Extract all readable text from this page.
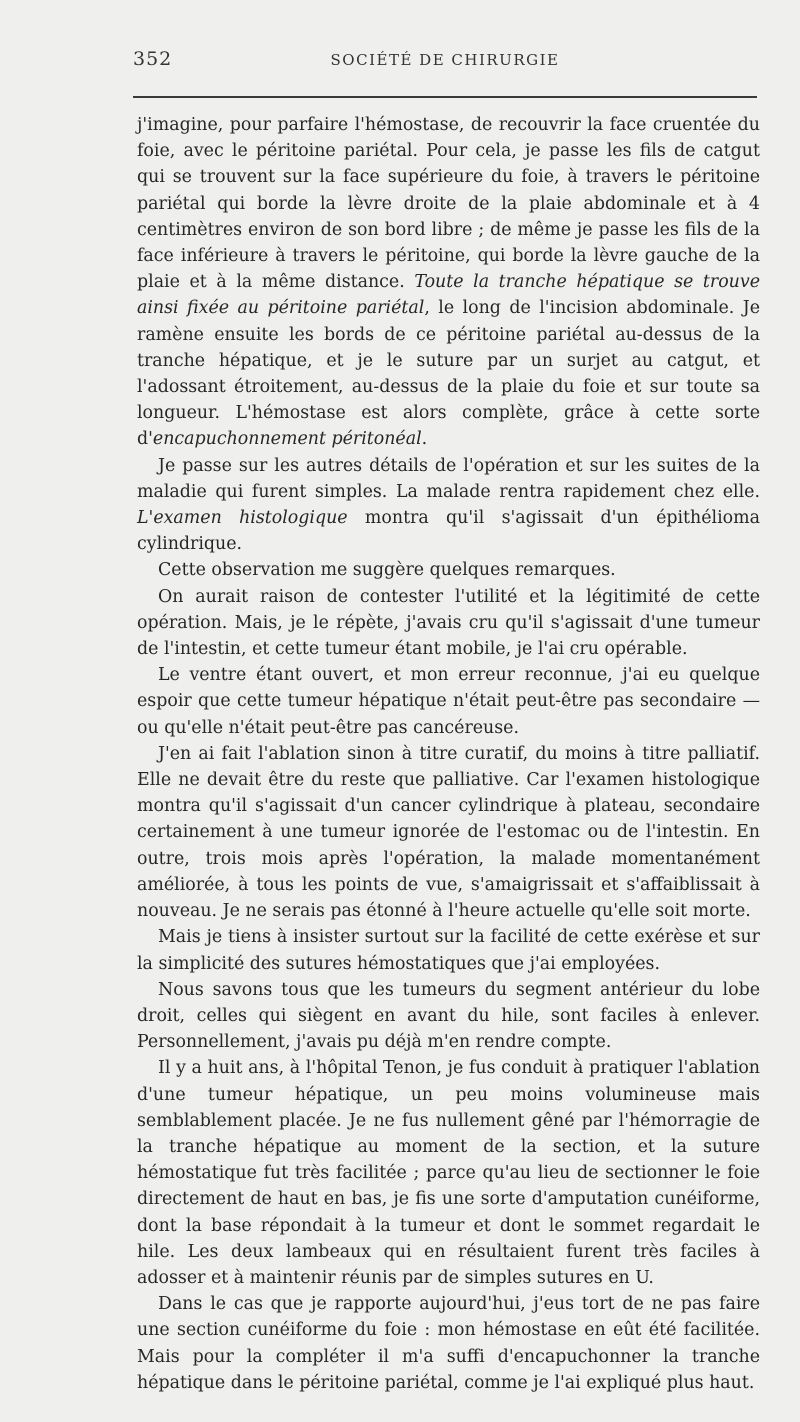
352	SOCIÉTÉ DE CHIRURGIE

j'imagine, pour parfaire l'hémostase, de recouvrir la face cruentée du foie, avec le péritoine pariétal. Pour cela, je passe les fils de catgut qui se trouvent sur la face supérieure du foie, à travers le péritoine pariétal qui borde la lèvre droite de la plaie abdominale et à 4 centimètres environ de son bord libre ; de même je passe les fils de la face inférieure à travers le péritoine, qui borde la lèvre gauche de la plaie et à la même distance. Toute la tranche hépatique se trouve ainsi fixée au péritoine pariétal, le long de l'incision abdominale. Je ramène ensuite les bords de ce péritoine pariétal au-dessus de la tranche hépatique, et je le suture par un surjet au catgut, et l'adossant étroitement, au-dessus de la plaie du foie et sur toute sa longueur. L'hémostase est alors complète, grâce à cette sorte d'encapuchonnement péritonéal.

Je passe sur les autres détails de l'opération et sur les suites de la maladie qui furent simples. La malade rentra rapidement chez elle. L'examen histologique montra qu'il s'agissait d'un épithélioma cylindrique.

Cette observation me suggère quelques remarques.

On aurait raison de contester l'utilité et la légitimité de cette opération. Mais, je le répète, j'avais cru qu'il s'agissait d'une tumeur de l'intestin, et cette tumeur étant mobile, je l'ai cru opérable.

Le ventre étant ouvert, et mon erreur reconnue, j'ai eu quelque espoir que cette tumeur hépatique n'était peut-être pas secondaire — ou qu'elle n'était peut-être pas cancéreuse.

J'en ai fait l'ablation sinon à titre curatif, du moins à titre palliatif. Elle ne devait être du reste que palliative. Car l'examen histologique montra qu'il s'agissait d'un cancer cylindrique à plateau, secondaire certainement à une tumeur ignorée de l'estomac ou de l'intestin. En outre, trois mois après l'opération, la malade momentanément améliorée, à tous les points de vue, s'amaigrissait et s'affaiblissait à nouveau. Je ne serais pas étonné à l'heure actuelle qu'elle soit morte.

Mais je tiens à insister surtout sur la facilité de cette exérèse et sur la simplicité des sutures hémostatiques que j'ai employées.

Nous savons tous que les tumeurs du segment antérieur du lobe droit, celles qui siègent en avant du hile, sont faciles à enlever. Personnellement, j'avais pu déjà m'en rendre compte.

Il y a huit ans, à l'hôpital Tenon, je fus conduit à pratiquer l'ablation d'une tumeur hépatique, un peu moins volumineuse mais semblablement placée. Je ne fus nullement gêné par l'hémorragie de la tranche hépatique au moment de la section, et la suture hémostatique fut très facilitée ; parce qu'au lieu de sectionner le foie directement de haut en bas, je fis une sorte d'amputation cunéiforme, dont la base répondait à la tumeur et dont le sommet regardait le hile. Les deux lambeaux qui en résultaient furent très faciles à adosser et à maintenir réunis par de simples sutures en U.

Dans le cas que je rapporte aujourd'hui, j'eus tort de ne pas faire une section cunéiforme du foie : mon hémostase en eût été facilitée. Mais pour la compléter il m'a suffi d'encapuchonner la tranche hépatique dans le péritoine pariétal, comme je l'ai expliqué plus haut.
